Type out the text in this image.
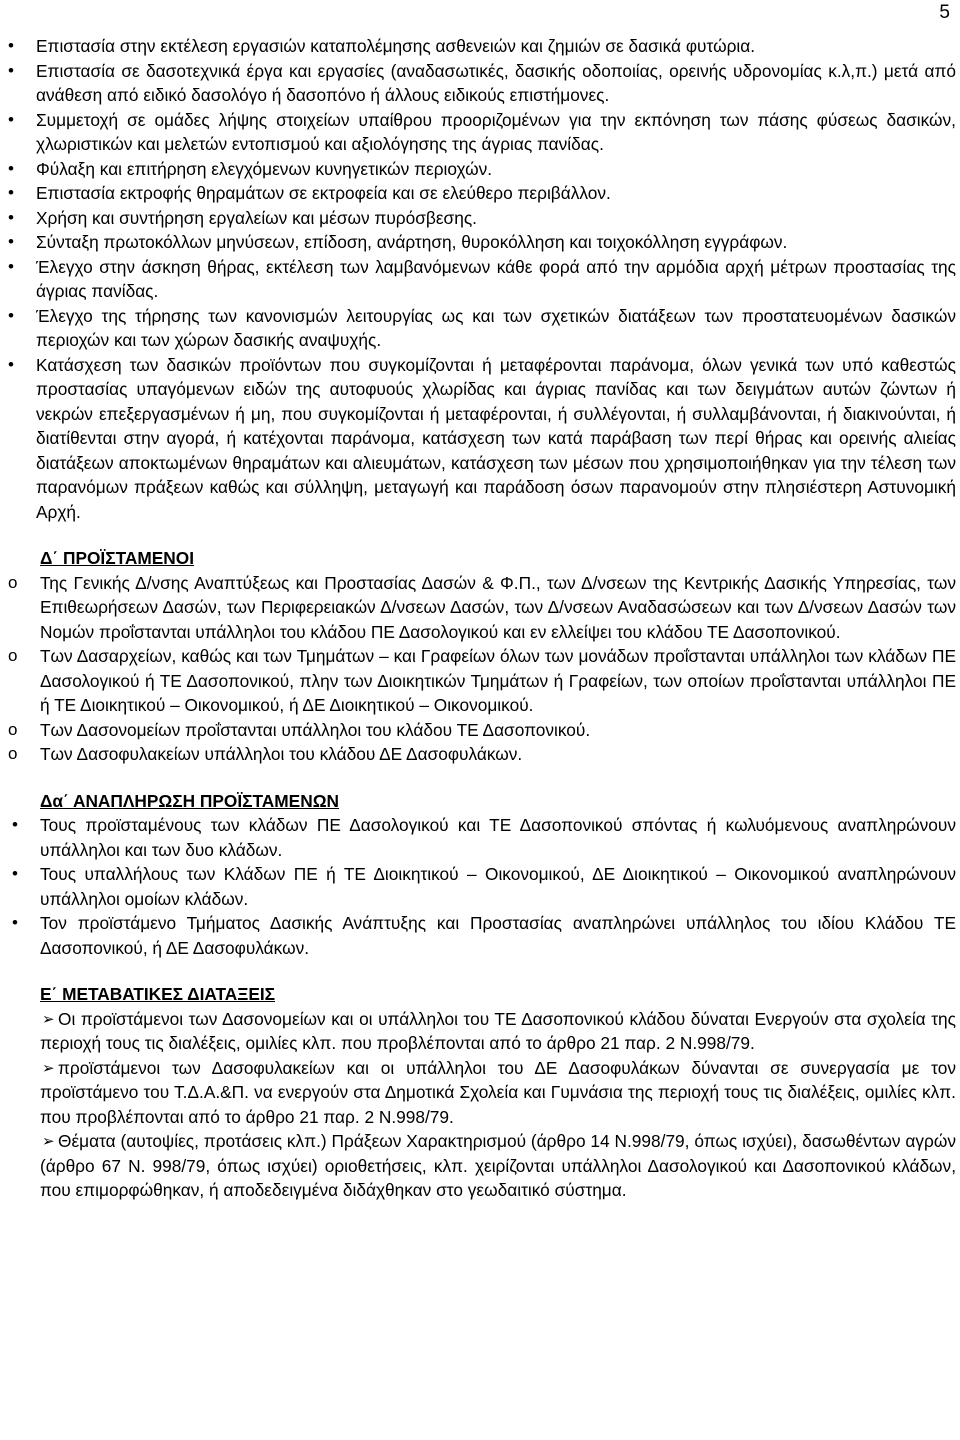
5
• Επιστασία στην εκτέλεση εργασιών καταπολέμησης ασθενειών και ζημιών σε δασικά φυτώρια.
• Επιστασία σε δασοτεχνικά έργα και εργασίες (αναδασωτικές, δασικής οδοποιίας, ορεινής υδρονομίας κ.λ,π.) μετά από ανάθεση από ειδικό δασολόγο ή δασοπόνο ή άλλους ειδικούς επιστήμονες.
• Συμμετοχή σε ομάδες λήψης στοιχείων υπαίθρου προοριζομένων για την εκπόνηση των πάσης φύσεως δασικών, χλωριστικών και μελετών εντοπισμού και αξιολόγησης της άγριας πανίδας.
• Φύλαξη και επιτήρηση ελεγχόμενων κυνηγετικών περιοχών.
• Επιστασία εκτροφής θηραμάτων σε εκτροφεία και σε ελεύθερο περιβάλλον.
• Χρήση και συντήρηση εργαλείων και μέσων πυρόσβεσης.
• Σύνταξη πρωτοκόλλων μηνύσεων, επίδοση, ανάρτηση, θυροκόλληση και τοιχοκόλληση εγγράφων.
• Έλεγχο στην άσκηση θήρας, εκτέλεση των λαμβανόμενων κάθε φορά από την αρμόδια αρχή μέτρων προστασίας της άγριας πανίδας.
• Έλεγχο της τήρησης των κανονισμών λειτουργίας ως και των σχετικών διατάξεων των προστατευομένων δασικών περιοχών και των χώρων δασικής αναψυχής.
• Κατάσχεση των δασικών προϊόντων που συγκομίζονται ή μεταφέρονται παράνομα, όλων γενικά των υπό καθεστώς προστασίας υπαγόμενων ειδών της αυτοφυούς χλωρίδας και άγριας πανίδας και των δειγμάτων αυτών ζώντων ή νεκρών επεξεργασμένων ή μη, που συγκομίζονται ή μεταφέρονται, ή συλλέγονται, ή συλλαμβάνονται, ή διακινούνται, ή διατίθενται στην αγορά, ή κατέχονται παράνομα, κατάσχεση των κατά παράβαση των περί θήρας και ορεινής αλιείας διατάξεων αποκτωμένων θηραμάτων και αλιευμάτων, κατάσχεση των μέσων που χρησιμοποιήθηκαν για την τέλεση των παρανόμων πράξεων καθώς και σύλληψη, μεταγωγή και παράδοση όσων παρανομούν στην πλησιέστερη Αστυνομική Αρχή.

Δ΄ ΠΡΟΪΣΤΑΜΕΝΟΙ

o Της Γενικής Δ/νσης Αναπτύξεως και Προστασίας Δασών & Φ.Π., των Δ/νσεων της Κεντρικής Δασικής Υπηρεσίας, των Επιθεωρήσεων Δασών, των Περιφερειακών Δ/νσεων Δασών, των Δ/νσεων Αναδασώσεων και των Δ/νσεων Δασών των Νομών προΐστανται υπάλληλοι του κλάδου ΠΕ Δασολογικού και εν ελλείψει του κλάδου ΤΕ Δασοπονικού.
o Των Δασαρχείων, καθώς και των Τμημάτων – και Γραφείων όλων των μονάδων προΐστανται υπάλληλοι των κλάδων ΠΕ Δασολογικού ή ΤΕ Δασοπονικού, πλην των Διοικητικών Τμημάτων ή Γραφείων, των οποίων προΐστανται υπάλληλοι ΠΕ ή ΤΕ Διοικητικού – Οικονομικού, ή ΔΕ Διοικητικού – Οικονομικού.
o Των Δασονομείων προΐστανται υπάλληλοι του κλάδου ΤΕ Δασοπονικού.
o Των Δασοφυλακείων υπάλληλοι του κλάδου ΔΕ Δασοφυλάκων.

Δα΄ ΑΝΑΠΛΗΡΩΣΗ ΠΡΟΪΣΤΑΜΕΝΩΝ

• Τους προϊσταμένους των κλάδων ΠΕ Δασολογικού και ΤΕ Δασοπονικού σπόντας ή κωλυόμενους αναπληρώνουν υπάλληλοι και των δυο κλάδων.
• Τους υπαλλήλους των Κλάδων ΠΕ ή ΤΕ Διοικητικού – Οικονομικού, ΔΕ Διοικητικού – Οικονομικού αναπληρώνουν υπάλληλοι ομοίων κλάδων.
• Τον προϊστάμενο Τμήματος Δασικής Ανάπτυξης και Προστασίας αναπληρώνει υπάλληλος του ιδίου Κλάδου ΤΕ Δασοπονικού, ή ΔΕ Δασοφυλάκων.

Ε΄ ΜΕΤΑΒΑΤΙΚΕΣ ΔΙΑΤΑΞΕΙΣ

➢ Οι προϊστάμενοι των Δασονομείων και οι υπάλληλοι του ΤΕ Δασοπονικού κλάδου δύναται Ενεργούν στα σχολεία της περιοχή τους τις διαλέξεις, ομιλίες κλπ. που προβλέπονται από το άρθρο 21 παρ. 2 Ν.998/79.
➢ προϊστάμενοι των Δασοφυλακείων και οι υπάλληλοι του ΔΕ Δασοφυλάκων δύνανται σε συνεργασία με τον προϊστάμενο του Τ.Δ.Α.&Π. να ενεργούν στα Δημοτικά Σχολεία και Γυμνάσια της περιοχή τους τις διαλέξεις, ομιλίες κλπ. που προβλέπονται από το άρθρο 21 παρ. 2 Ν.998/79.
➢ Θέματα (αυτοψίες, προτάσεις κλπ.) Πράξεων Χαρακτηρισμού (άρθρο 14 Ν.998/79, όπως ισχύει), δασωθέντων αγρών (άρθρο 67 Ν. 998/79, όπως ισχύει) οριοθετήσεις, κλπ. χειρίζονται υπάλληλοι Δασολογικού και Δασοπονικού κλάδων, που επιμορφώθηκαν, ή αποδεδειγμένα διδάχθηκαν στο γεωδαιτικό σύστημα.
